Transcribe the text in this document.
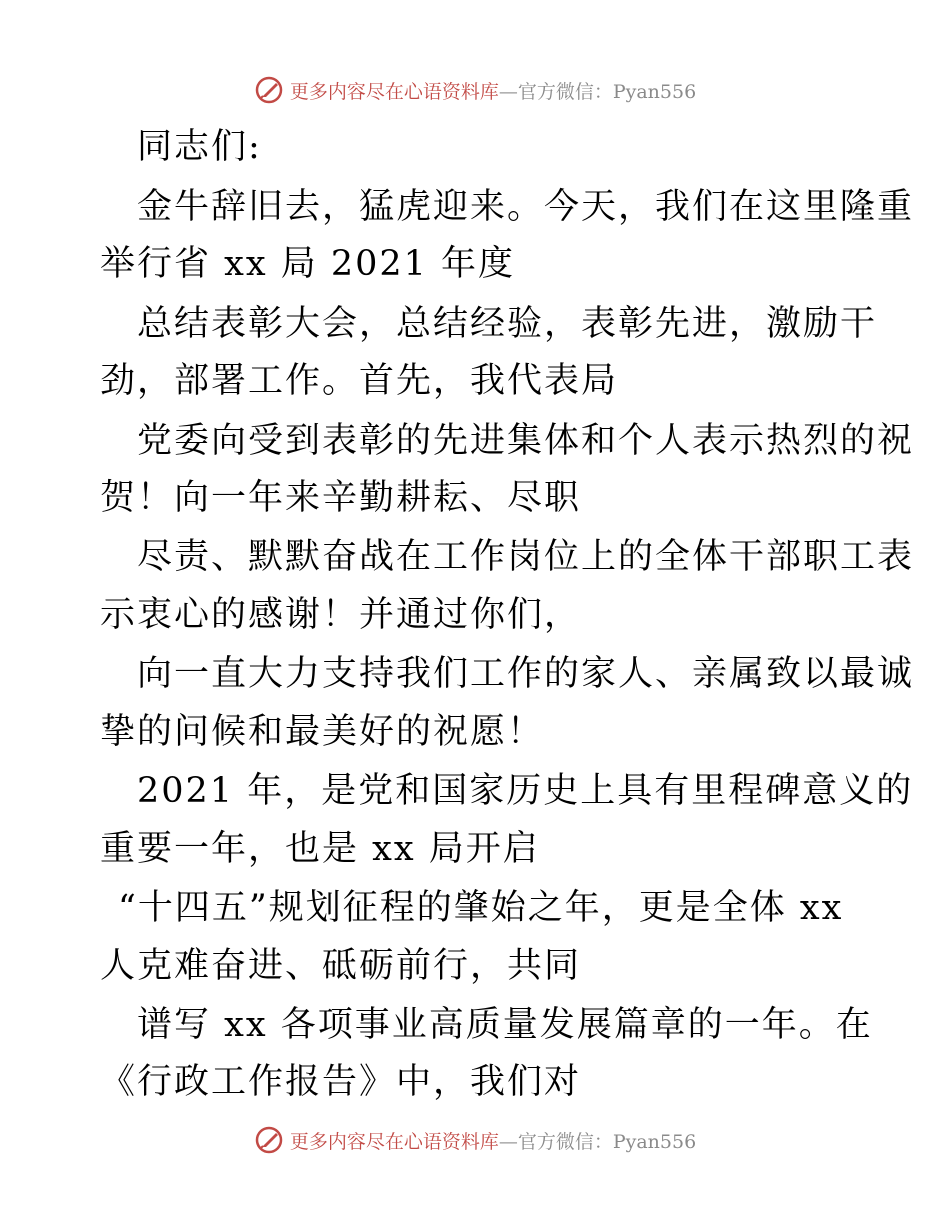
更多内容尽在心语资料库—官方微信：Pyan556
同志们:
金牛辞旧去，猛虎迎来。今天，我们在这里隆重
举行省 xx 局 2021 年度
总结表彰大会，总结经验，表彰先进，激励干
劲，部署工作。首先，我代表局
党委向受到表彰的先进集体和个人表示热烈的祝
贺！向一年来辛勤耕耘、尽职
尽责、默默奋战在工作岗位上的全体干部职工表
示衷心的感谢！并通过你们，
向一直大力支持我们工作的家人、亲属致以最诚
挚的问候和最美好的祝愿！
2021 年，是党和国家历史上具有里程碑意义的
重要一年，也是 xx 局开启
“十四五”规划征程的肇始之年，更是全体 xx
人克难奋进、砥砺前行，共同
谱写 xx 各项事业高质量发展篇章的一年。在
《行政工作报告》中，我们对
更多内容尽在心语资料库—官方微信：Pyan556
